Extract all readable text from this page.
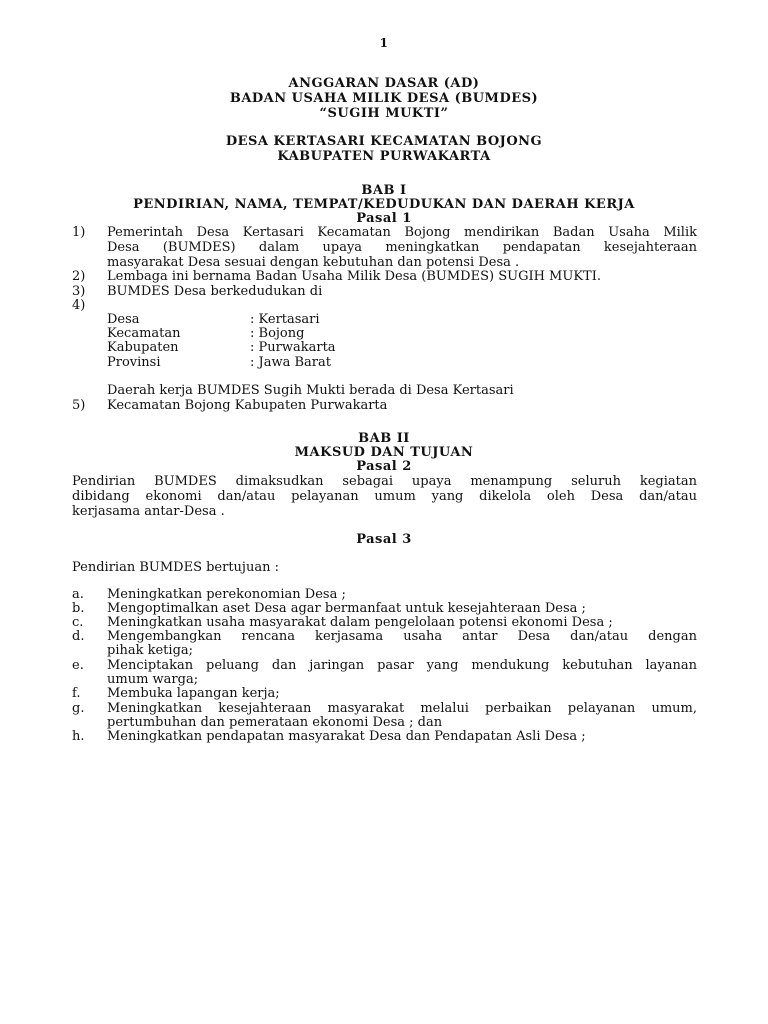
1
ANGGARAN DASAR (AD)
BADAN USAHA MILIK DESA (BUMDES)
“SUGIH MUKTI”
DESA KERTASARI KECAMATAN BOJONG
KABUPATEN PURWAKARTA
BAB I
PENDIRIAN, NAMA, TEMPAT/KEDUDUKAN DAN DAERAH KERJA
Pasal 1
1) Pemerintah Desa Kertasari Kecamatan Bojong mendirikan Badan Usaha Milik
Desa (BUMDES) dalam upaya meningkatkan pendapatan kesejahteraan
masyarakat Desa sesuai dengan kebutuhan dan potensi Desa .
2) Lembaga ini bernama Badan Usaha Milik Desa (BUMDES) SUGIH MUKTI.
3) BUMDES Desa berkedudukan di
4)
Desa	: Kertasari
Kecamatan	: Bojong
Kabupaten	: Purwakarta
Provinsi	: Jawa Barat
Daerah kerja BUMDES Sugih Mukti berada di Desa Kertasari
5) Kecamatan Bojong Kabupaten Purwakarta
BAB II
MAKSUD DAN TUJUAN
Pasal 2
Pendirian BUMDES dimaksudkan sebagai upaya menampung seluruh kegiatan
dibidang ekonomi dan/atau pelayanan umum yang dikelola oleh Desa dan/atau
kerjasama antar-Desa .
Pasal 3
Pendirian BUMDES bertujuan :
a. Meningkatkan perekonomian Desa ;
b. Mengoptimalkan aset Desa agar bermanfaat untuk kesejahteraan Desa ;
c. Meningkatkan usaha masyarakat dalam pengelolaan potensi ekonomi Desa ;
d. Mengembangkan rencana kerjasama usaha antar Desa dan/atau dengan
pihak ketiga;
e. Menciptakan peluang dan jaringan pasar yang mendukung kebutuhan layanan
umum warga;
f. Membuka lapangan kerja;
g. Meningkatkan kesejahteraan masyarakat melalui perbaikan pelayanan umum,
pertumbuhan dan pemerataan ekonomi Desa ; dan
h. Meningkatkan pendapatan masyarakat Desa dan Pendapatan Asli Desa ;
